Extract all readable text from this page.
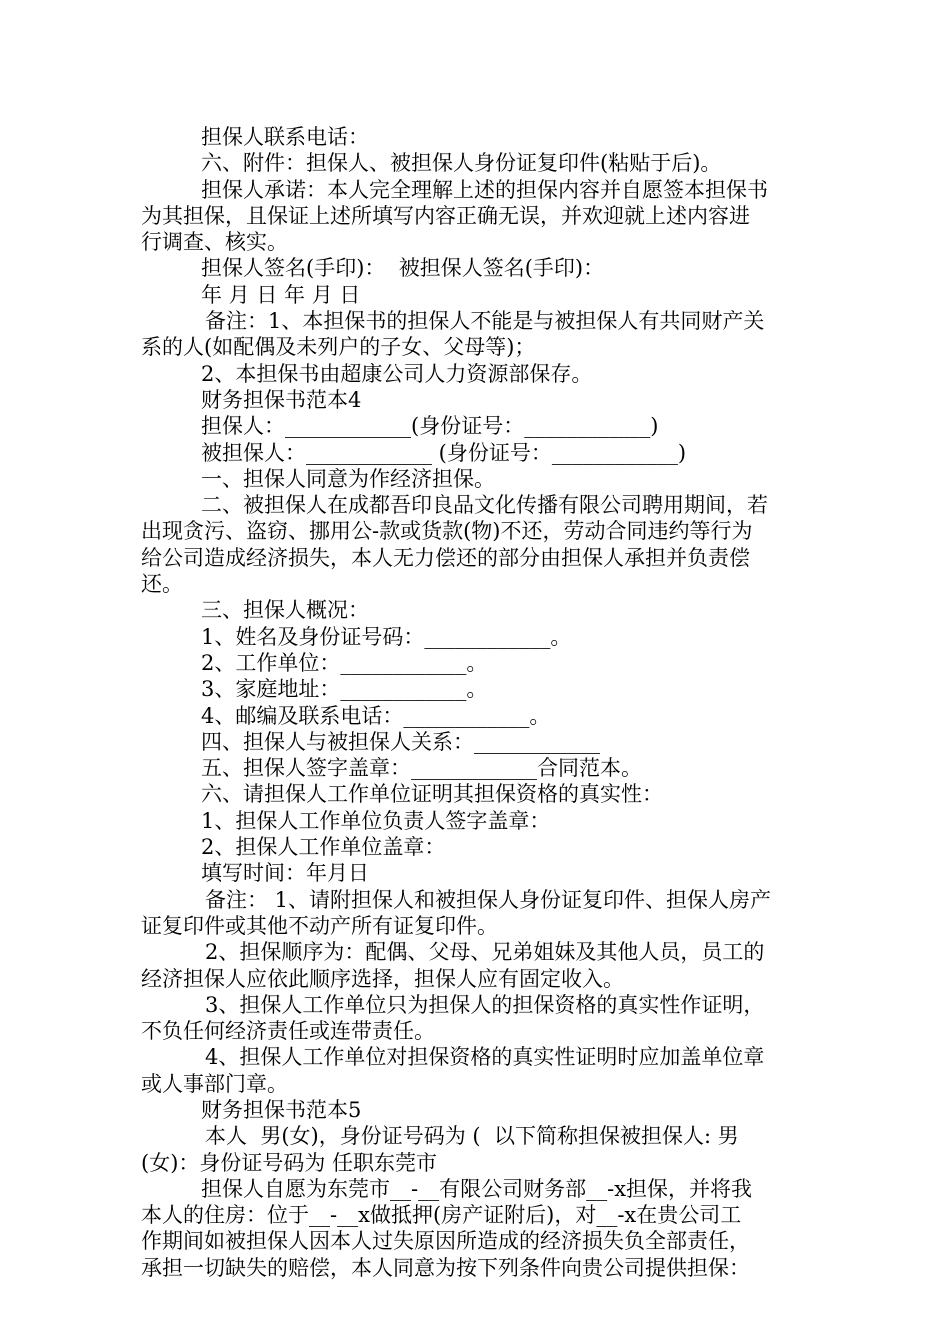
担保人联系电话：
六、附件：担保人、被担保人身份证复印件(粘贴于后)。
担保人承诺：本人完全理解上述的担保内容并自愿签本担保书
为其担保，且保证上述所填写内容正确无误，并欢迎就上述内容进
行调查、核实。
担保人签名(手印)：  被担保人签名(手印)：
年 月 日 年 月 日
备注：1、本担保书的担保人不能是与被担保人有共同财产关
系的人(如配偶及未列户的子女、父母等)；
2、本担保书由超康公司人力资源部保存。
财务担保书范本4
担保人：____________(身份证号：____________)
被担保人：____________ (身份证号：____________)
一、担保人同意为作经济担保。
二、被担保人在成都吾印良品文化传播有限公司聘用期间，若
出现贪污、盗窃、挪用公-款或货款(物)不还，劳动合同违约等行为
给公司造成经济损失，本人无力偿还的部分由担保人承担并负责偿
还。
三、担保人概况：
1、姓名及身份证号码：____________。
2、工作单位：____________。
3、家庭地址：____________。
4、邮编及联系电话：____________。
四、担保人与被担保人关系：____________
五、担保人签字盖章：____________合同范本。
六、请担保人工作单位证明其担保资格的真实性：
1、担保人工作单位负责人签字盖章：
2、担保人工作单位盖章：
填写时间：年月日
备注： 1、请附担保人和被担保人身份证复印件、担保人房产
证复印件或其他不动产所有证复印件。
2、担保顺序为：配偶、父母、兄弟姐妹及其他人员，员工的
经济担保人应依此顺序选择，担保人应有固定收入。
3、担保人工作单位只为担保人的担保资格的真实性作证明，
不负任何经济责任或连带责任。
4、担保人工作单位对担保资格的真实性证明时应加盖单位章
或人事部门章。
财务担保书范本5
本人  男(女)，身份证号码为 (  以下简称担保被担保人: 男
(女)：身份证号码为 任职东莞市
担保人自愿为东莞市__-__有限公司财务部__-x担保，并将我
本人的住房：位于__-__x做抵押(房产证附后)，对__-x在贵公司工
作期间如被担保人因本人过失原因所造成的经济损失负全部责任，
承担一切缺失的赔偿，本人同意为按下列条件向贵公司提供担保：
